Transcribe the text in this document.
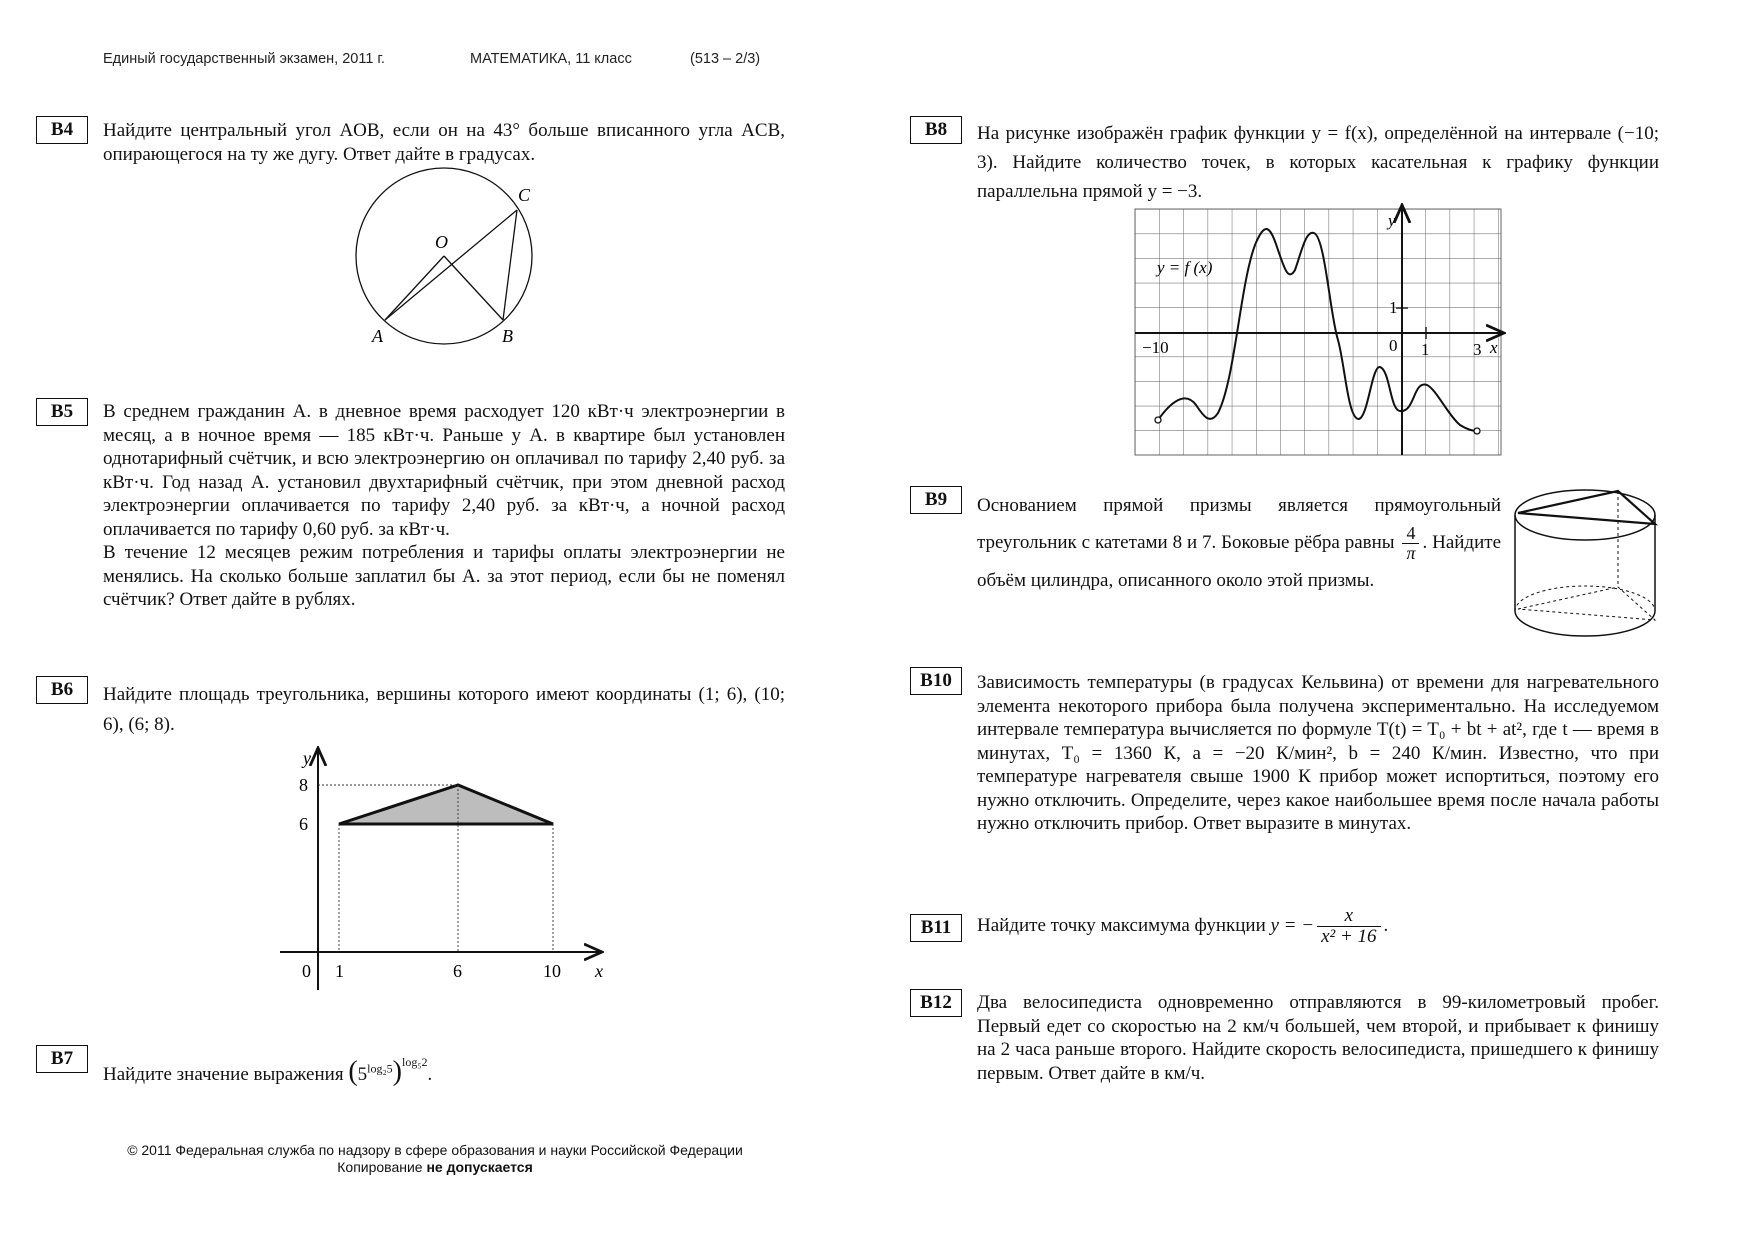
Единый государственный экзамен, 2011 г.	МАТЕМАТИКА, 11 класс	(513 – 2/3)
B4	Найдите центральный угол AOB, если он на 43° больше вписанного угла ACB, опирающегося на ту же дугу. Ответ дайте в градусах.
O
C
A	B
B5	В среднем гражданин А. в дневное время расходует 120 кВт·ч электроэнергии в месяц, а в ночное время — 185 кВт·ч. Раньше у А. в квартире был установлен однотарифный счётчик, и всю электроэнергию он оплачивал по тарифу 2,40 руб. за кВт·ч. Год назад А. установил двухтарифный счётчик, при этом дневной расход электроэнергии оплачивается по тарифу 2,40 руб. за кВт·ч, а ночной расход оплачивается по тарифу 0,60 руб. за кВт·ч.

В течение 12 месяцев режим потребления и тарифы оплаты электроэнергии не менялись. На сколько больше заплатил бы А. за этот период, если бы не поменял счётчик? Ответ дайте в рублях.

B6	Найдите площадь треугольника, вершины которого имеют координаты (1; 6), (10; 6), (6; 8).
y
x
8
6
0 1	6	10
B7
Найдите значение выражения $(5^{log_25})^{log_52}$.
B8	На рисунке изображён график функции y = f(x), определённой на интервале (−10; 3). Найдите количество точек, в которых касательная к графику функции параллельна прямой y = −3.
y = f (x)
y
x
−10	0 1	3
1
B9	Основанием прямой призмы является прямоугольный треугольник с катетами 8 и 7. Боковые рёбра равны $\frac{4}{\pi}$ . Найдите объём цилиндра, описанного около этой призмы.
B10	Зависимость температуры (в градусах Кельвина) от времени для нагревательного элемента некоторого прибора была получена экспериментально. На исследуемом интервале температура вычисляется по формуле T(t) = T₀ + bt + at², где t — время в минутах, T₀ = 1360 К, a = −20 К/мин², b = 240 К/мин. Известно, что при температуре нагревателя свыше 1900 К прибор может испортиться, поэтому его нужно отключить. Определите, через какое наибольшее время после начала работы нужно отключить прибор. Ответ выразите в минутах.
B11	Найдите точку максимума функции y = − $\frac{x}{\text{x² + 16}}$ .
B12	Два велосипедиста одновременно отправляются в 99-километровый пробег. Первый едет со скоростью на 2 км/ч большей, чем второй, и прибывает к финишу на 2 часа раньше второго. Найдите скорость велосипедиста, пришедшего к финишу первым. Ответ дайте в км/ч.
© 2011 Федеральная служба по надзору в сфере образования и науки Российской Федерации
Копирование не допускается
